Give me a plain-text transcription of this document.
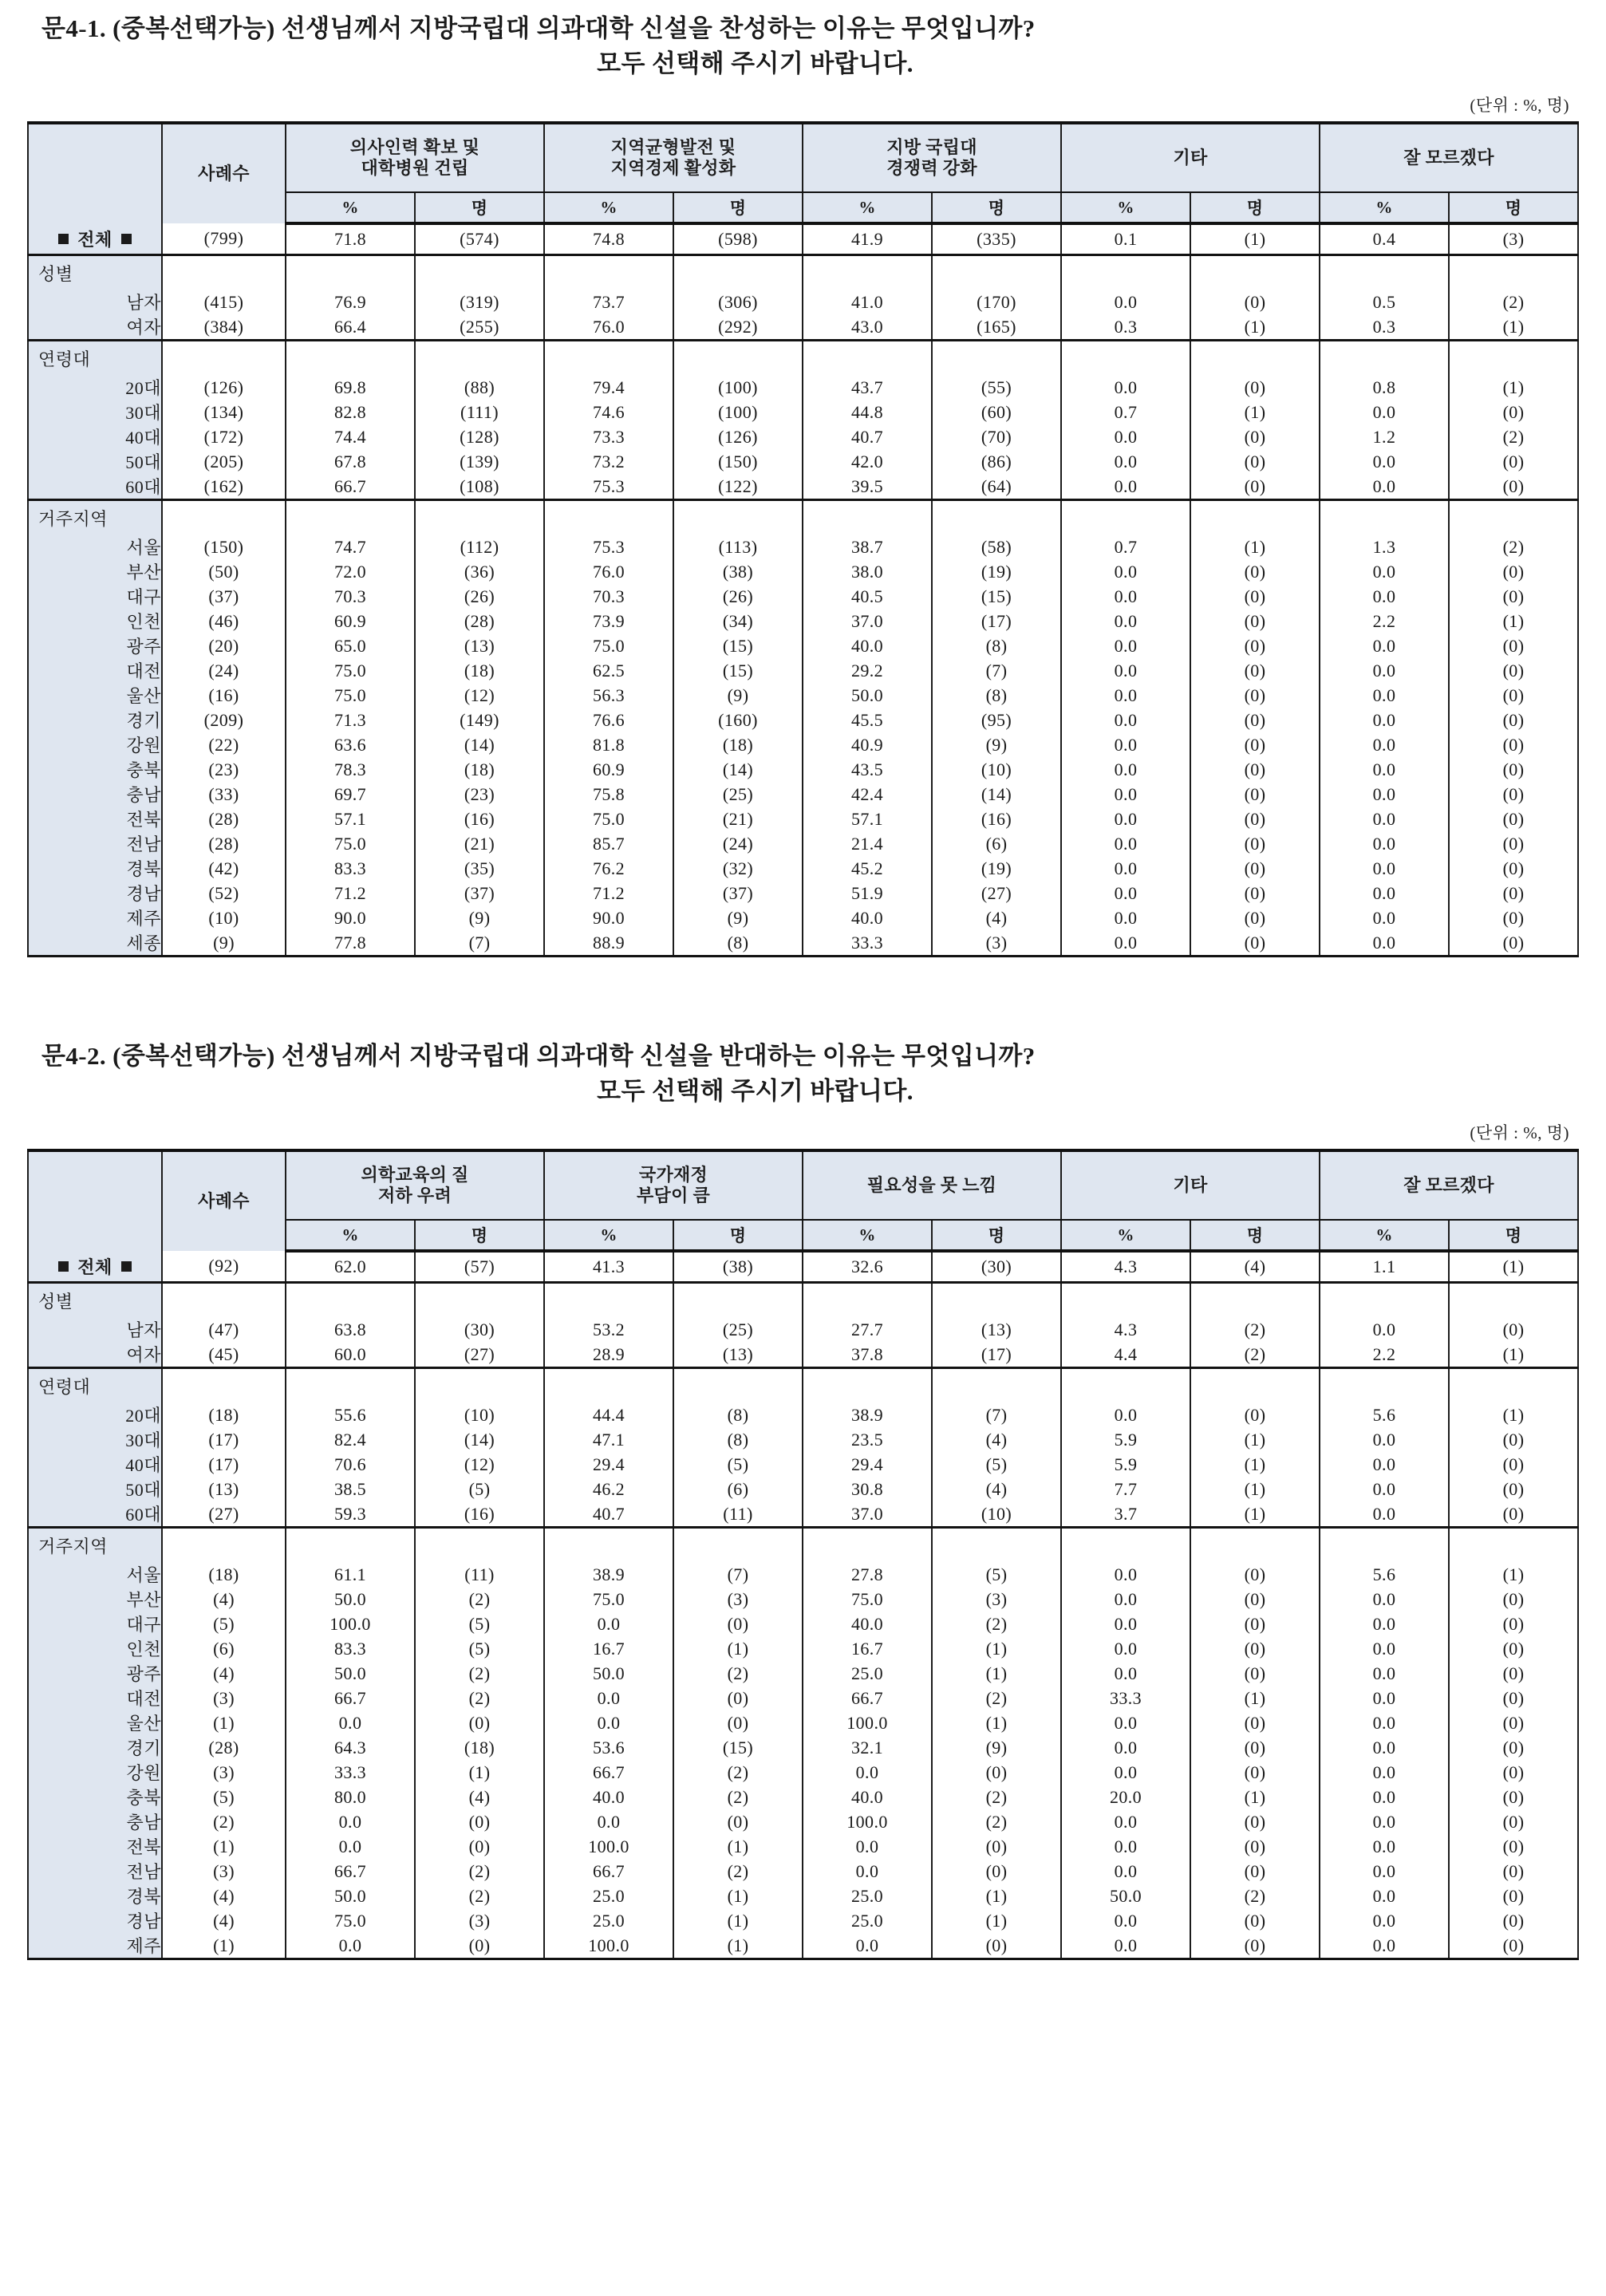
문4-1. (중복선택가능) 선생님께서 지방국립대 의과대학 신설을 찬성하는 이유는 무엇입니까?
모두 선택해 주시기 바랍니다.
(단위 : %, 명)
	사례수	의사인력 확보 및
대학병원 건립		지역균형발전 및
지역경제 활성화		지방 국립대
경쟁력 강화		기타		잘 모르겠다	
		%	명	%	명	%	명	%	명	%	명
전체	(799)	71.8	(574)	74.8	(598)	41.9	(335)	0.1	(1)	0.4	(3)
성별											
남자	(415)	76.9	(319)	73.7	(306)	41.0	(170)	0.0	(0)	0.5	(2)
여자	(384)	66.4	(255)	76.0	(292)	43.0	(165)	0.3	(1)	0.3	(1)
연령대											
20대	(126)	69.8	(88)	79.4	(100)	43.7	(55)	0.0	(0)	0.8	(1)
30대	(134)	82.8	(111)	74.6	(100)	44.8	(60)	0.7	(1)	0.0	(0)
40대	(172)	74.4	(128)	73.3	(126)	40.7	(70)	0.0	(0)	1.2	(2)
50대	(205)	67.8	(139)	73.2	(150)	42.0	(86)	0.0	(0)	0.0	(0)
60대	(162)	66.7	(108)	75.3	(122)	39.5	(64)	0.0	(0)	0.0	(0)
거주지역											
서울	(150)	74.7	(112)	75.3	(113)	38.7	(58)	0.7	(1)	1.3	(2)
부산	(50)	72.0	(36)	76.0	(38)	38.0	(19)	0.0	(0)	0.0	(0)
대구	(37)	70.3	(26)	70.3	(26)	40.5	(15)	0.0	(0)	0.0	(0)
인천	(46)	60.9	(28)	73.9	(34)	37.0	(17)	0.0	(0)	2.2	(1)
광주	(20)	65.0	(13)	75.0	(15)	40.0	(8)	0.0	(0)	0.0	(0)
대전	(24)	75.0	(18)	62.5	(15)	29.2	(7)	0.0	(0)	0.0	(0)
울산	(16)	75.0	(12)	56.3	(9)	50.0	(8)	0.0	(0)	0.0	(0)
경기	(209)	71.3	(149)	76.6	(160)	45.5	(95)	0.0	(0)	0.0	(0)
강원	(22)	63.6	(14)	81.8	(18)	40.9	(9)	0.0	(0)	0.0	(0)
충북	(23)	78.3	(18)	60.9	(14)	43.5	(10)	0.0	(0)	0.0	(0)
충남	(33)	69.7	(23)	75.8	(25)	42.4	(14)	0.0	(0)	0.0	(0)
전북	(28)	57.1	(16)	75.0	(21)	57.1	(16)	0.0	(0)	0.0	(0)
전남	(28)	75.0	(21)	85.7	(24)	21.4	(6)	0.0	(0)	0.0	(0)
경북	(42)	83.3	(35)	76.2	(32)	45.2	(19)	0.0	(0)	0.0	(0)
경남	(52)	71.2	(37)	71.2	(37)	51.9	(27)	0.0	(0)	0.0	(0)
제주	(10)	90.0	(9)	90.0	(9)	40.0	(4)	0.0	(0)	0.0	(0)
세종	(9)	77.8	(7)	88.9	(8)	33.3	(3)	0.0	(0)	0.0	(0)
문4-2. (중복선택가능) 선생님께서 지방국립대 의과대학 신설을 반대하는 이유는 무엇입니까?
모두 선택해 주시기 바랍니다.
(단위 : %, 명)
	사례수	의학교육의 질
저하 우려		국가재정
부담이 큼		필요성을 못 느낌		기타		잘 모르겠다	
		%	명	%	명	%	명	%	명	%	명
전체	(92)	62.0	(57)	41.3	(38)	32.6	(30)	4.3	(4)	1.1	(1)
성별											
남자	(47)	63.8	(30)	53.2	(25)	27.7	(13)	4.3	(2)	0.0	(0)
여자	(45)	60.0	(27)	28.9	(13)	37.8	(17)	4.4	(2)	2.2	(1)
연령대											
20대	(18)	55.6	(10)	44.4	(8)	38.9	(7)	0.0	(0)	5.6	(1)
30대	(17)	82.4	(14)	47.1	(8)	23.5	(4)	5.9	(1)	0.0	(0)
40대	(17)	70.6	(12)	29.4	(5)	29.4	(5)	5.9	(1)	0.0	(0)
50대	(13)	38.5	(5)	46.2	(6)	30.8	(4)	7.7	(1)	0.0	(0)
60대	(27)	59.3	(16)	40.7	(11)	37.0	(10)	3.7	(1)	0.0	(0)
거주지역											
서울	(18)	61.1	(11)	38.9	(7)	27.8	(5)	0.0	(0)	5.6	(1)
부산	(4)	50.0	(2)	75.0	(3)	75.0	(3)	0.0	(0)	0.0	(0)
대구	(5)	100.0	(5)	0.0	(0)	40.0	(2)	0.0	(0)	0.0	(0)
인천	(6)	83.3	(5)	16.7	(1)	16.7	(1)	0.0	(0)	0.0	(0)
광주	(4)	50.0	(2)	50.0	(2)	25.0	(1)	0.0	(0)	0.0	(0)
대전	(3)	66.7	(2)	0.0	(0)	66.7	(2)	33.3	(1)	0.0	(0)
울산	(1)	0.0	(0)	0.0	(0)	100.0	(1)	0.0	(0)	0.0	(0)
경기	(28)	64.3	(18)	53.6	(15)	32.1	(9)	0.0	(0)	0.0	(0)
강원	(3)	33.3	(1)	66.7	(2)	0.0	(0)	0.0	(0)	0.0	(0)
충북	(5)	80.0	(4)	40.0	(2)	40.0	(2)	20.0	(1)	0.0	(0)
충남	(2)	0.0	(0)	0.0	(0)	100.0	(2)	0.0	(0)	0.0	(0)
전북	(1)	0.0	(0)	100.0	(1)	0.0	(0)	0.0	(0)	0.0	(0)
전남	(3)	66.7	(2)	66.7	(2)	0.0	(0)	0.0	(0)	0.0	(0)
경북	(4)	50.0	(2)	25.0	(1)	25.0	(1)	50.0	(2)	0.0	(0)
경남	(4)	75.0	(3)	25.0	(1)	25.0	(1)	0.0	(0)	0.0	(0)
제주	(1)	0.0	(0)	100.0	(1)	0.0	(0)	0.0	(0)	0.0	(0)
